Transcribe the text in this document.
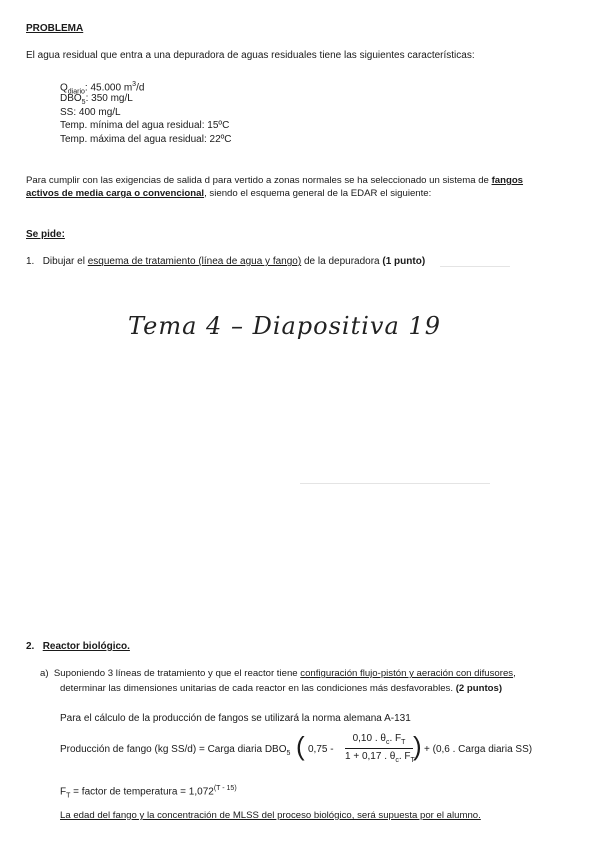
PROBLEMA
El agua residual que entra a una depuradora de aguas residuales tiene las siguientes características:
$Q_{diario}$: 45.000 $m^3/d$
$DBO_5$: 350 mg/L
SS: 400 mg/L
Temp. mínima del agua residual: 15ºC
Temp. máxima del agua residual: 22ºC
Para cumplir con las exigencias de salida d para vertido a zonas normales se ha seleccionado un sistema de fangos
activos de media carga o convencional, siendo el esquema general de la EDAR el siguiente:
Se pide:
1. Dibujar el esquema de tratamiento (línea de agua y fango) de la depuradora (1 punto)
Tema 4 – Diapositiva 19
2. Reactor biológico.
a) Suponiendo 3 líneas de tratamiento y que el reactor tiene configuración flujo-pistón y aeración con difusores,
determinar las dimensiones unitarias de cada reactor en las condiciones más desfavorables. (2 puntos)
Para el cálculo de la producción de fangos se utilizará la norma alemana A-131
Producción de fango (kg SS/d) = Carga diaria $DBO_5$ ( 0,75 -
0,10 . $\theta_c$. $F_T$
1 + 0,17 . $\theta_c$. $F_T$
) + (0,6 . Carga diaria SS)
$F_T$ = factor de temperatura = $1,072^{(T - 15)}$
La edad del fango y la concentración de MLSS del proceso biológico, será supuesta por el alumno.
